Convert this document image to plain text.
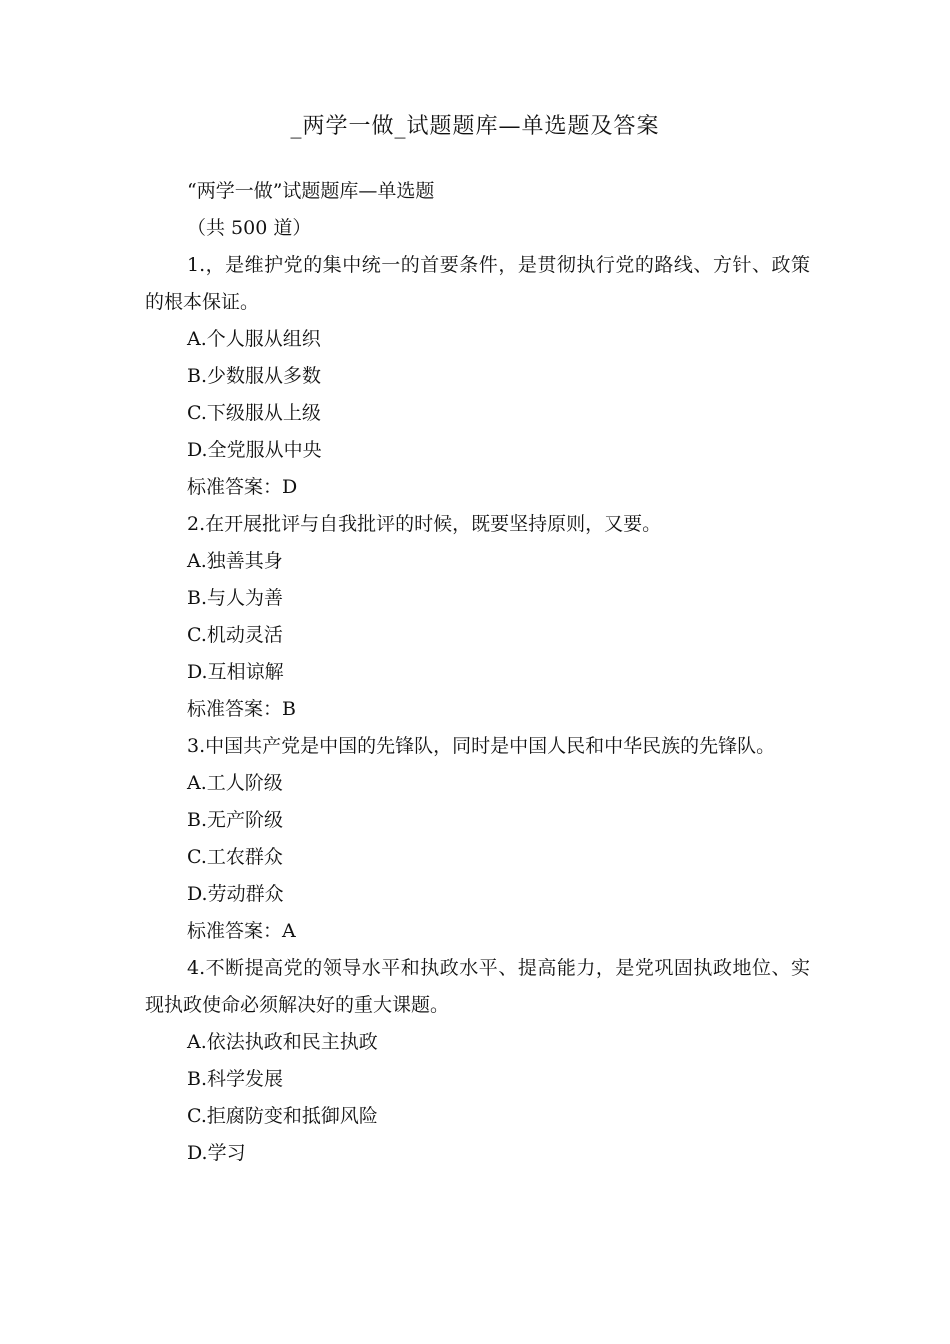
_两学一做_试题题库—单选题及答案

“两学一做”试题题库—单选题

（共 500 道）

1.，是维护党的集中统一的首要条件，是贯彻执行党的路线、方针、政策的根本保证。

A.个人服从组织

B.少数服从多数

C.下级服从上级

D.全党服从中央

标准答案：D

2.在开展批评与自我批评的时候，既要坚持原则，又要。

A.独善其身

B.与人为善

C.机动灵活

D.互相谅解

标准答案：B

3.中国共产党是中国的先锋队，同时是中国人民和中华民族的先锋队。

A.工人阶级

B.无产阶级

C.工农群众

D.劳动群众

标准答案：A

4.不断提高党的领导水平和执政水平、提高能力，是党巩固执政地位、实现执政使命必须解决好的重大课题。

A.依法执政和民主执政

B.科学发展

C.拒腐防变和抵御风险

D.学习
